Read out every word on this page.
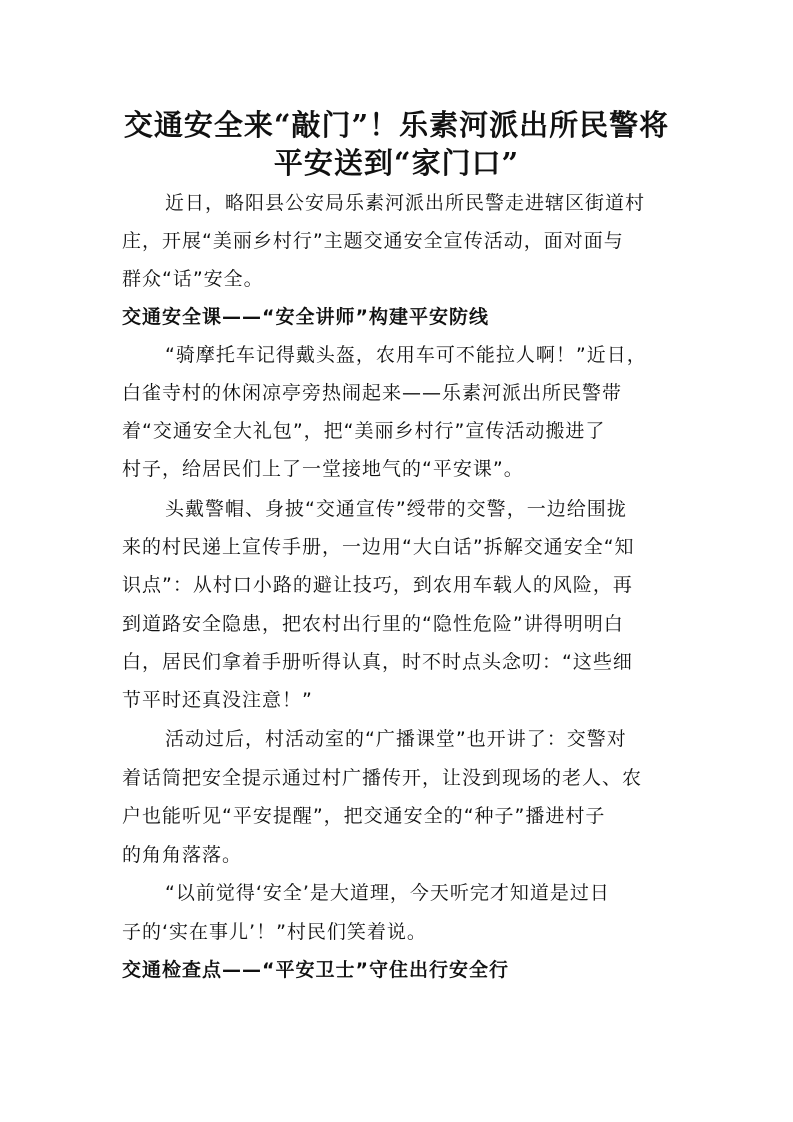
交通安全来“敲门”！乐素河派出所民警将
平安送到“家门口”

近日，略阳县公安局乐素河派出所民警走进辖区街道村

庄，开展“美丽乡村行”主题交通安全宣传活动，面对面与

群众“话”安全。

交通安全课——“安全讲师”构建平安防线

“骑摩托车记得戴头盔，农用车可不能拉人啊！”近日，

白雀寺村的休闲凉亭旁热闹起来——乐素河派出所民警带

着“交通安全大礼包”，把“美丽乡村行”宣传活动搬进了

村子，给居民们上了一堂接地气的“平安课”。

头戴警帽、身披“交通宣传”绶带的交警，一边给围拢

来的村民递上宣传手册，一边用“大白话”拆解交通安全“知

识点”：从村口小路的避让技巧，到农用车载人的风险，再

到道路安全隐患，把农村出行里的“隐性危险”讲得明明白

白，居民们拿着手册听得认真，时不时点头念叨：“这些细

节平时还真没注意！”

活动过后，村活动室的“广播课堂”也开讲了：交警对

着话筒把安全提示通过村广播传开，让没到现场的老人、农

户也能听见“平安提醒”，把交通安全的“种子”播进村子

的角角落落。

“以前觉得‘安全’是大道理，今天听完才知道是过日

子的‘实在事儿’！”村民们笑着说。

交通检查点——“平安卫士”守住出行安全行
